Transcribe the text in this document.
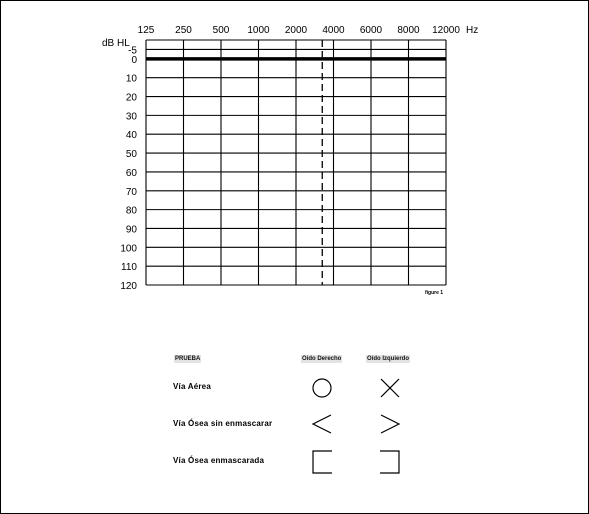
125 250 500 1000 2000 4000 6000 8000 12000
-5
0
10
20
30
40
50
60
70
80
90
100
110
120
Hz
dB HL
figure 1
PRUEBA	Oído Derecho	Oído Izquierdo
Vía Aérea
Vía Ósea sin enmascarar
Vía Ósea enmascarada
